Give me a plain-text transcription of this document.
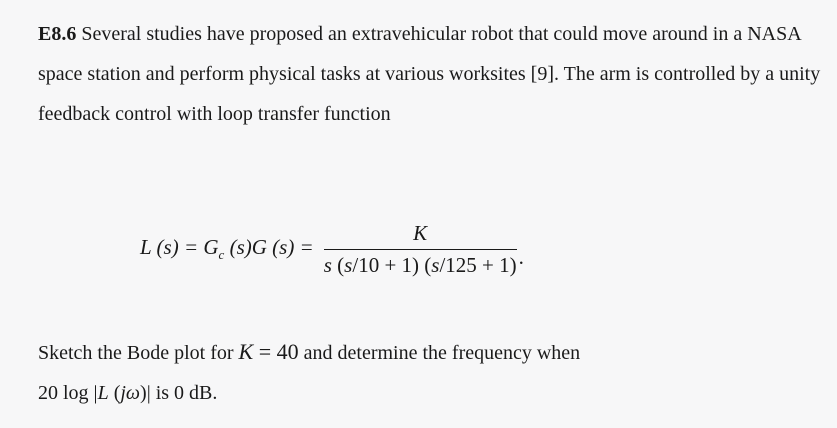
E8.6 Several studies have proposed an extravehicular robot that could move around in a NASA space station and perform physical tasks at various worksites [9]. The arm is controlled by a unity feedback control with loop transfer function

L $(s) = G_c$ (s)G $(s) = \frac{K}{s (s/10 + 1) (s/125 + 1)}$ .

Sketch the Bode plot for K = 40 and determine the frequency when
20 log |L (jω)| is 0 dB.
